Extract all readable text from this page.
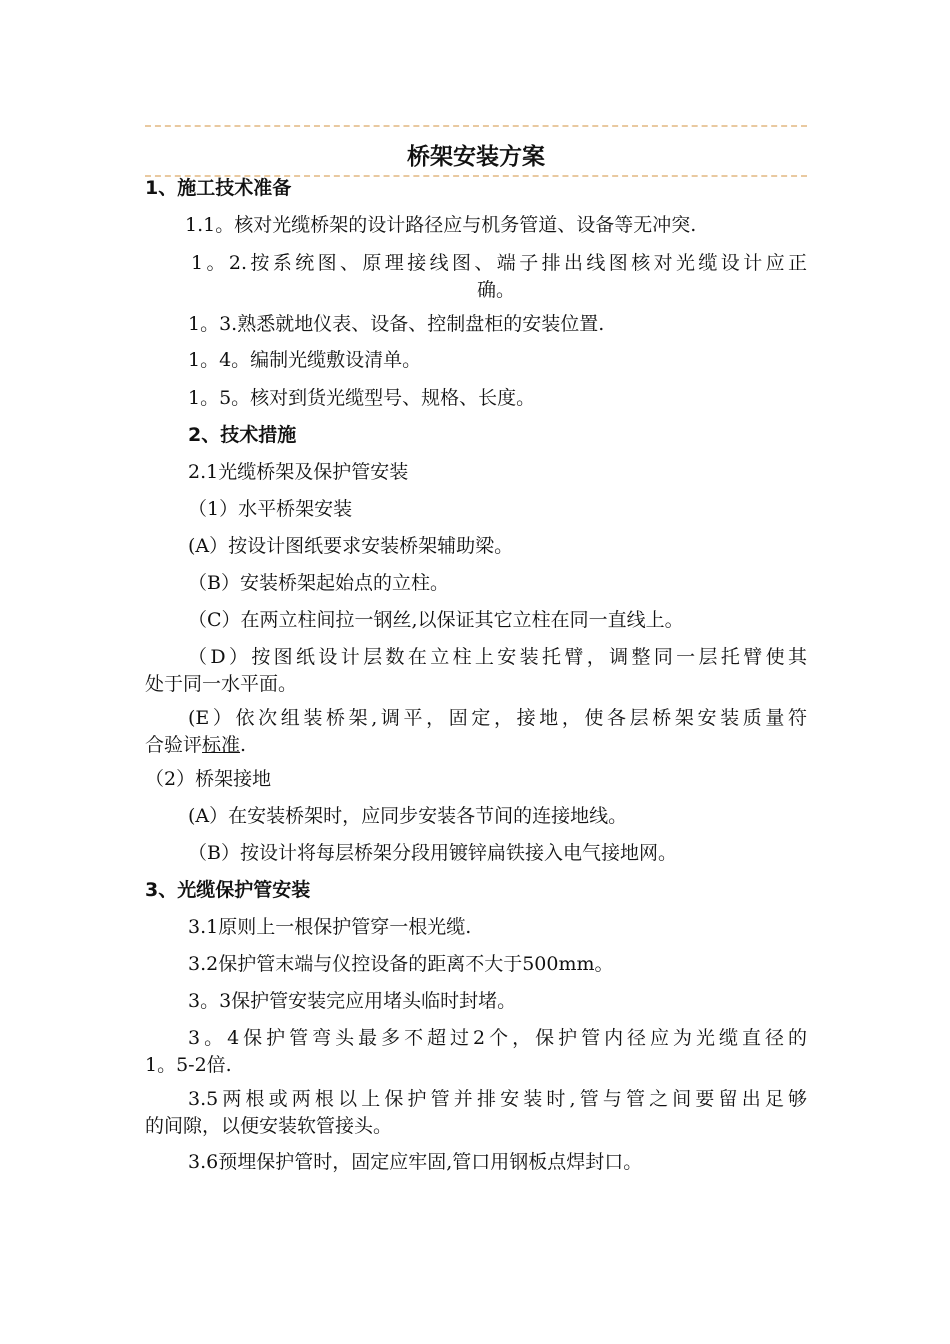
桥架安装方案
1、施工技术准备
1.1。核对光缆桥架的设计路径应与机务管道、设备等无冲突.
1。2.按系统图、原理接线图、端子排出线图核对光缆设计应正
确。
1。3.熟悉就地仪表、设备、控制盘柜的安装位置.
1。4。编制光缆敷设清单。
1。5。核对到货光缆型号、规格、长度。
2、技术措施
2.1光缆桥架及保护管安装
（1）水平桥架安装
(A）按设计图纸要求安装桥架辅助梁。
（B）安装桥架起始点的立柱。
（C）在两立柱间拉一钢丝,以保证其它立柱在同一直线上。
（D）按图纸设计层数在立柱上安装托臂，调整同一层托臂使其
处于同一水平面。
(E）依次组装桥架,调平，固定，接地，使各层桥架安装质量符
合验评标准.
（2）桥架接地
(A）在安装桥架时，应同步安装各节间的连接地线。
（B）按设计将每层桥架分段用镀锌扁铁接入电气接地网。
3、光缆保护管安装
3.1原则上一根保护管穿一根光缆.
3.2保护管末端与仪控设备的距离不大于500mm。
3。3保护管安装完应用堵头临时封堵。
3。4保护管弯头最多不超过2个，保护管内径应为光缆直径的
1。5-2倍.
3.5两根或两根以上保护管并排安装时,管与管之间要留出足够
的间隙，以便安装软管接头。
3.6预埋保护管时，固定应牢固,管口用钢板点焊封口。
